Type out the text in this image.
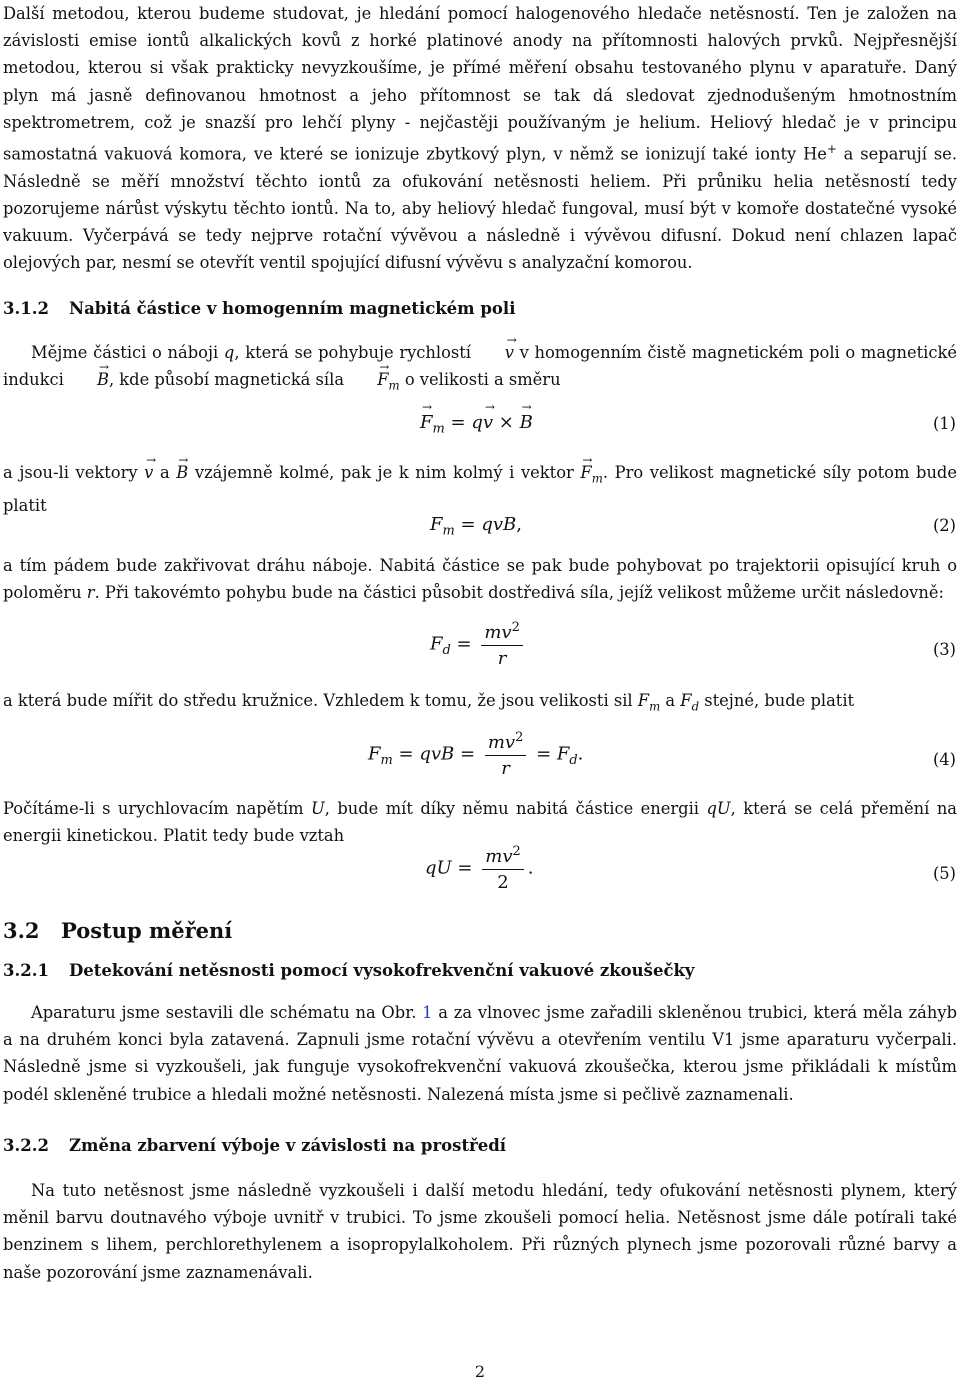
Další metodou, kterou budeme studovat, je hledání pomocí halogenového hledače netěsností. Ten je založen na závislosti emise iontů alkalických kovů z horké platinové anody na přítomnosti halových prvků. Nejpřesnější metodou, kterou si však prakticky nevyzkoušíme, je přímé měření obsahu testovaného plynu v aparatuře. Daný plyn má jasně definovanou hmotnost a jeho přítomnost se tak dá sledovat zjednodušeným hmotnostním spektrometrem, což je snazší pro lehčí plyny - nejčastěji používaným je helium. Heliový hledač je v principu samostatná vakuová komora, ve které se ionizuje zbytkový plyn, v němž se ionizují také ionty He+ a separují se. Následně se měří množství těchto iontů za ofukování netěsnosti heliem. Při průniku helia netěsností tedy pozorujeme nárůst výskytu těchto iontů. Na to, aby heliový hledač fungoval, musí být v komoře dostatečné vysoké vakuum. Vyčerpává se tedy nejprve rotační vývěvou a následně i vývěvou difusní. Dokud není chlazen lapač olejových par, nesmí se otevřít ventil spojující difusní vývěvu s analyzační komorou.

3.1.2 Nabitá částice v homogenním magnetickém poli

Mějme částici o náboji q, která se pohybuje rychlostí → v v homogenním čistě magnetickém poli o magnetické indukci → B, kde působí magnetická síla → $F_m$ o velikosti a směru

→ $F_m = q\to v$ × → B	(1)

a jsou-li vektory → v a → B vzájemně kolmé, pak je k nim kolmý i vektor → $F_m$. Pro velikost magnetické síly potom bude platit

$F_m$ = qvB,	(2)

a tím pádem bude zakřivovat dráhu náboje. Nabitá částice se pak bude pohybovat po trajektorii opisující kruh o poloměru r. Při takovémto pohybu bude na částici působit dostředivá síla, jejíž velikost můžeme určit následovně:

$F_d = \frac{mv^2}{r}$	(3)

a která bude mířit do středu kružnice. Vzhledem k tomu, že jsou velikosti sil $F_m$ a $F_d$ stejné, bude platit

$F_m$ = qvB = $\frac{mv^2}{r} = F_d$.	(4)

Počítáme-li s urychlovacím napětím U, bude mít díky němu nabitá částice energii qU, která se celá přemění na energii kinetickou. Platit tedy bude vztah

qU = $\frac{mv^2}{2}$ .	(5)
3.2 Postup měření
3.2.1 Detekování netěsnosti pomocí vysokofrekvenční vakuové zkoušečky

Aparaturu jsme sestavili dle schématu na Obr. 1 a za vlnovec jsme zařadili skleněnou trubici, která měla záhyb a na druhém konci byla zatavená. Zapnuli jsme rotační vývěvu a otevřením ventilu V1 jsme aparaturu vyčerpali. Následně jsme si vyzkoušeli, jak funguje vysokofrekvenční vakuová zkoušečka, kterou jsme přikládali k místům podél skleněné trubice a hledali možné netěsnosti. Nalezená místa jsme si pečlivě zaznamenali.

3.2.2 Změna zbarvení výboje v závislosti na prostředí

Na tuto netěsnost jsme následně vyzkoušeli i další metodu hledání, tedy ofukování netěsnosti plynem, který měnil barvu doutnavého výboje uvnitř v trubici. To jsme zkoušeli pomocí helia. Netěsnost jsme dále potírali také benzinem s lihem, perchlorethylenem a isopropylalkoholem. Při různých plynech jsme pozorovali různé barvy a naše pozorování jsme zaznamenávali.

2
